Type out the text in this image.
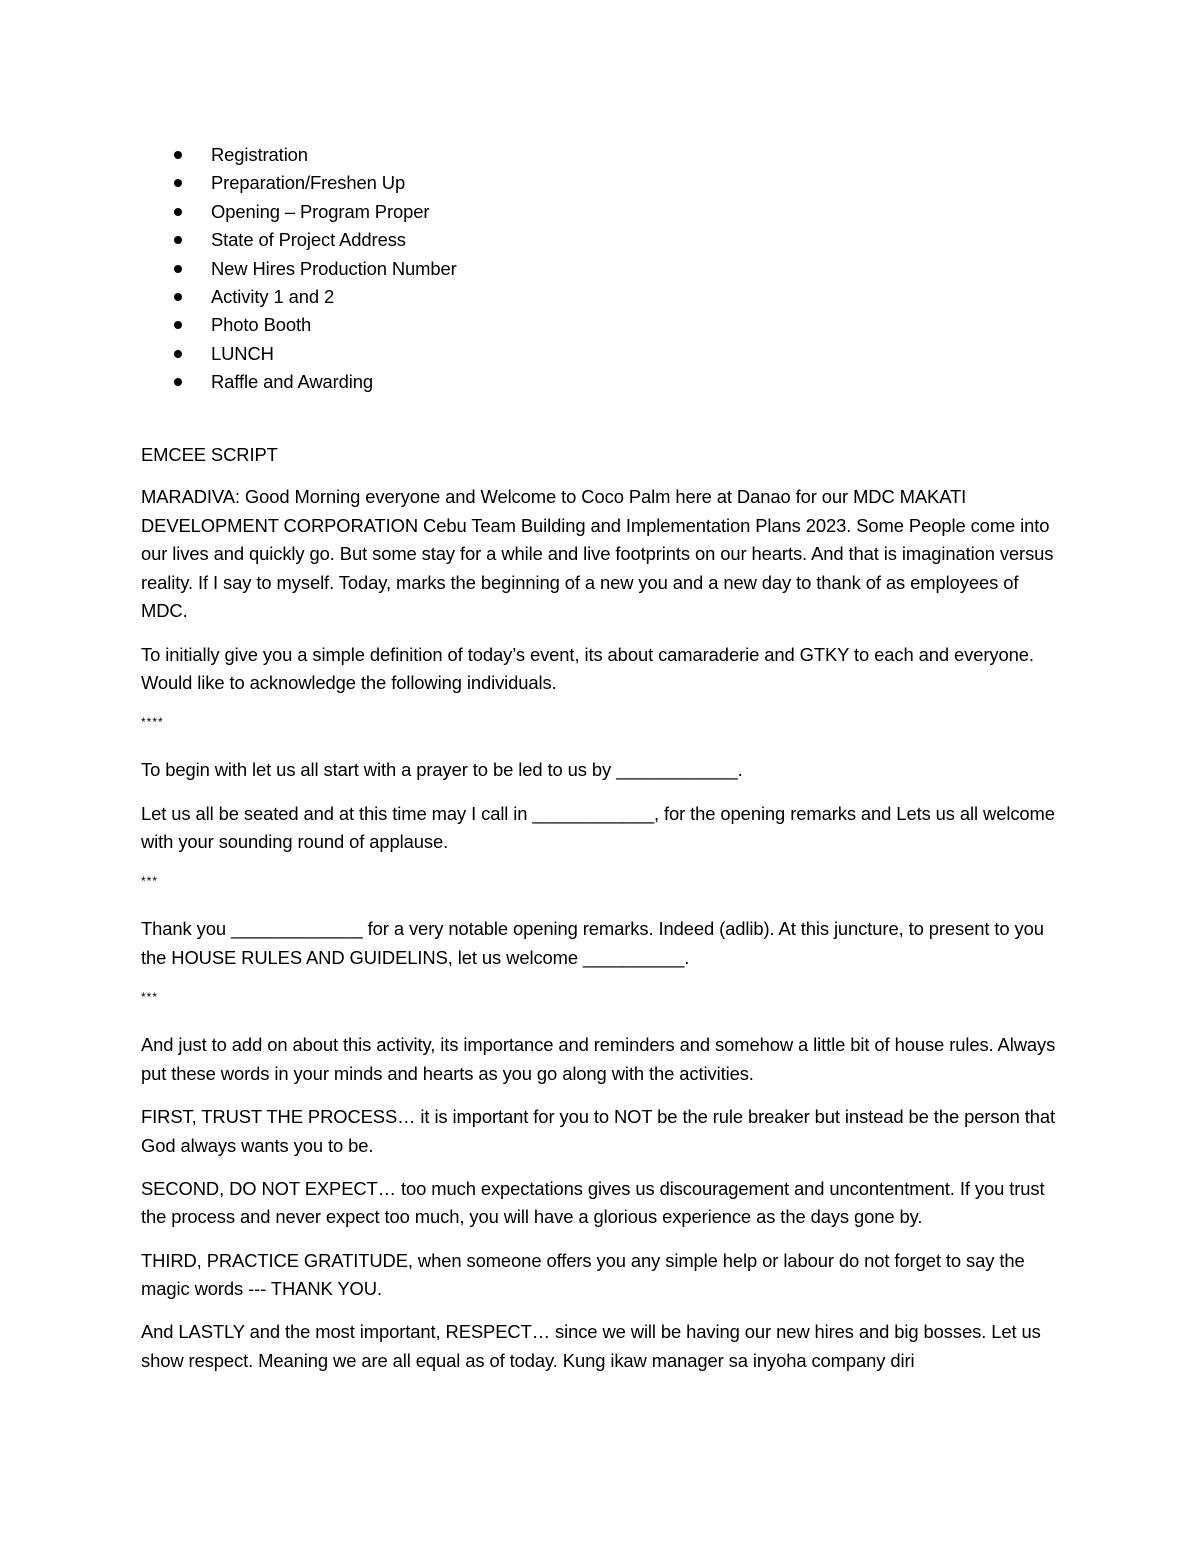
Registration
Preparation/Freshen Up
Opening – Program Proper
State of Project Address
New Hires Production Number
Activity 1 and 2
Photo Booth
LUNCH
Raffle and Awarding
EMCEE SCRIPT

MARADIVA: Good Morning everyone and Welcome to Coco Palm here at Danao for our MDC MAKATI DEVELOPMENT CORPORATION Cebu Team Building and Implementation Plans 2023. Some People come into our lives and quickly go. But some stay for a while and live footprints on our hearts. And that is imagination versus reality. If I say to myself. Today, marks the beginning of a new you and a new day to thank of as employees of MDC.

To initially give you a simple definition of today’s event, its about camaraderie and GTKY to each and everyone. Would like to acknowledge the following individuals.

****

To begin with let us all start with a prayer to be led to us by ____________.

Let us all be seated and at this time may I call in ____________, for the opening remarks and Lets us all welcome with your sounding round of applause.

***

Thank you _____________ for a very notable opening remarks. Indeed (adlib). At this juncture, to present to you the HOUSE RULES AND GUIDELINS, let us welcome __________.

***

And just to add on about this activity, its importance and reminders and somehow a little bit of house rules. Always put these words in your minds and hearts as you go along with the activities.

FIRST, TRUST THE PROCESS… it is important for you to NOT be the rule breaker but instead be the person that God always wants you to be.

SECOND, DO NOT EXPECT… too much expectations gives us discouragement and uncontentment. If you trust the process and never expect too much, you will have a glorious experience as the days gone by.

THIRD, PRACTICE GRATITUDE, when someone offers you any simple help or labour do not forget to say the magic words --- THANK YOU.

And LASTLY and the most important, RESPECT… since we will be having our new hires and big bosses. Let us show respect. Meaning we are all equal as of today. Kung ikaw manager sa inyoha company diri
